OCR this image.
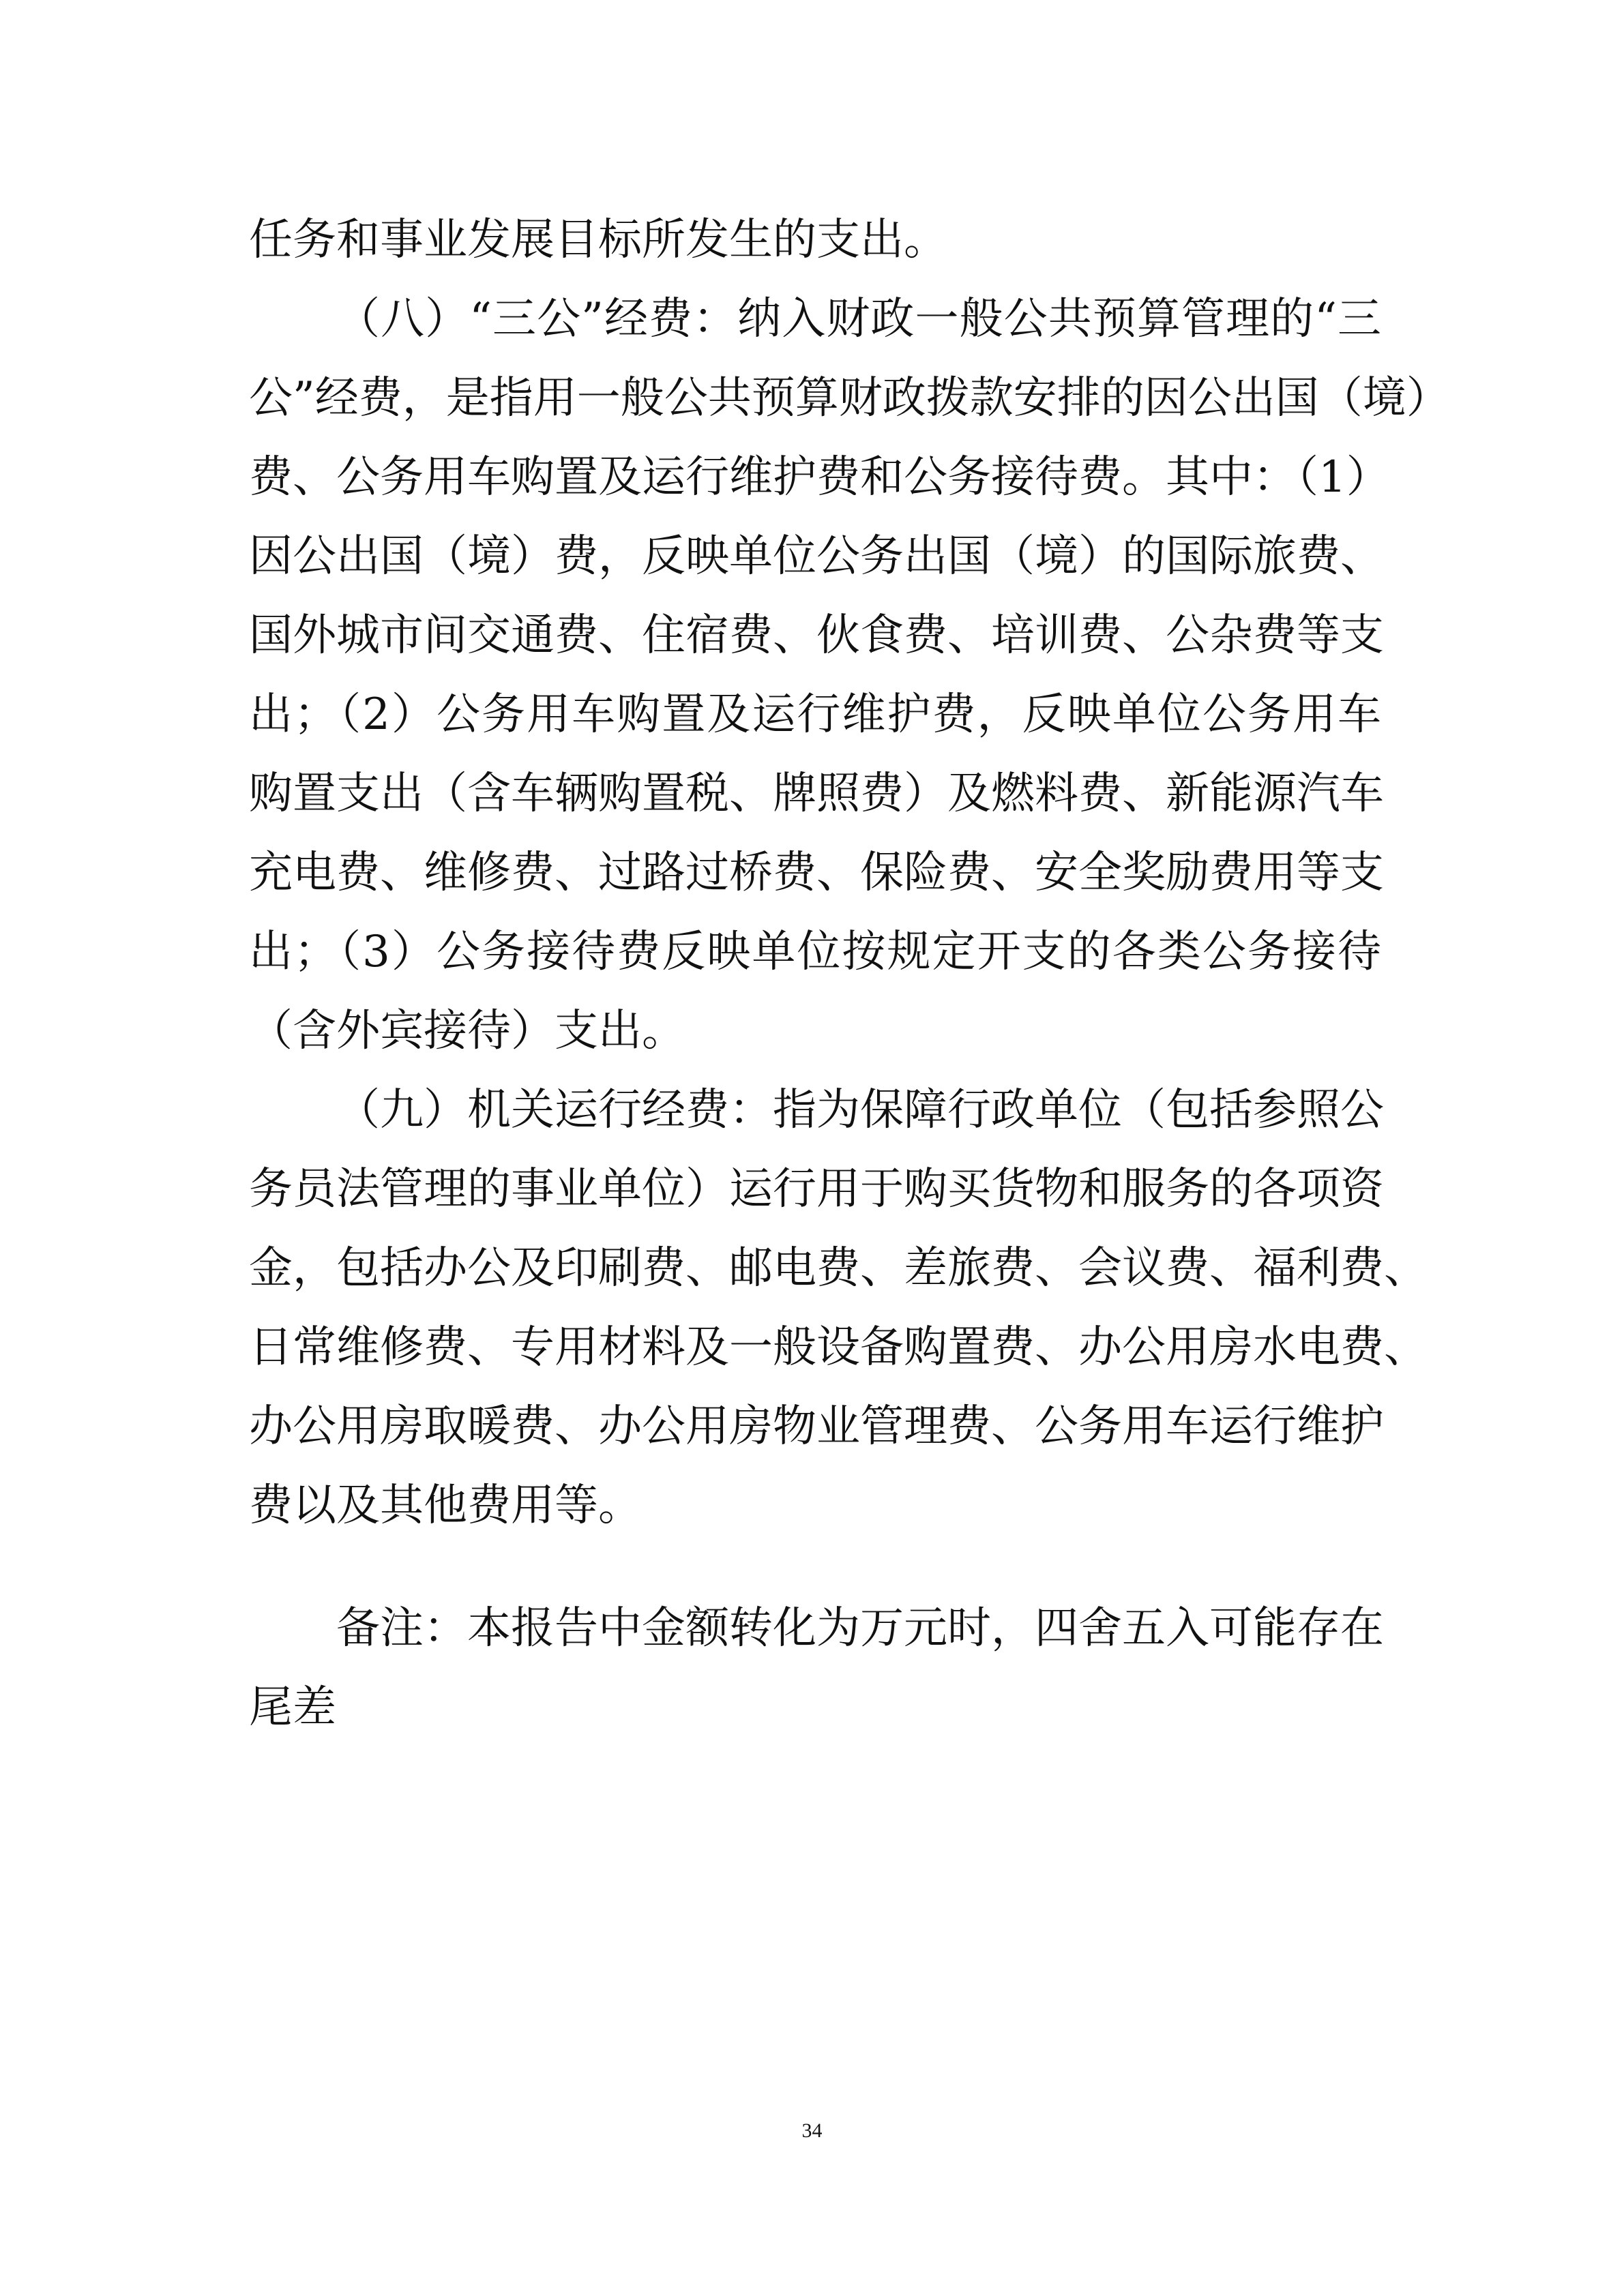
任务和事业发展目标所发生的支出。
（八）“三公”经费：纳入财政一般公共预算管理的“三
公”经费，是指用一般公共预算财政拨款安排的因公出国（境）
费、公务用车购置及运行维护费和公务接待费。其中：（1）
因公出国（境）费，反映单位公务出国（境）的国际旅费、
国外城市间交通费、住宿费、伙食费、培训费、公杂费等支
出；（2）公务用车购置及运行维护费，反映单位公务用车
购置支出（含车辆购置税、牌照费）及燃料费、新能源汽车
充电费、维修费、过路过桥费、保险费、安全奖励费用等支
出；（3）公务接待费反映单位按规定开支的各类公务接待
（含外宾接待）支出。
（九）机关运行经费：指为保障行政单位（包括参照公
务员法管理的事业单位）运行用于购买货物和服务的各项资
金，包括办公及印刷费、邮电费、差旅费、会议费、福利费、
日常维修费、专用材料及一般设备购置费、办公用房水电费、
办公用房取暖费、办公用房物业管理费、公务用车运行维护
费以及其他费用等。
备注：本报告中金额转化为万元时，四舍五入可能存在
尾差
34
